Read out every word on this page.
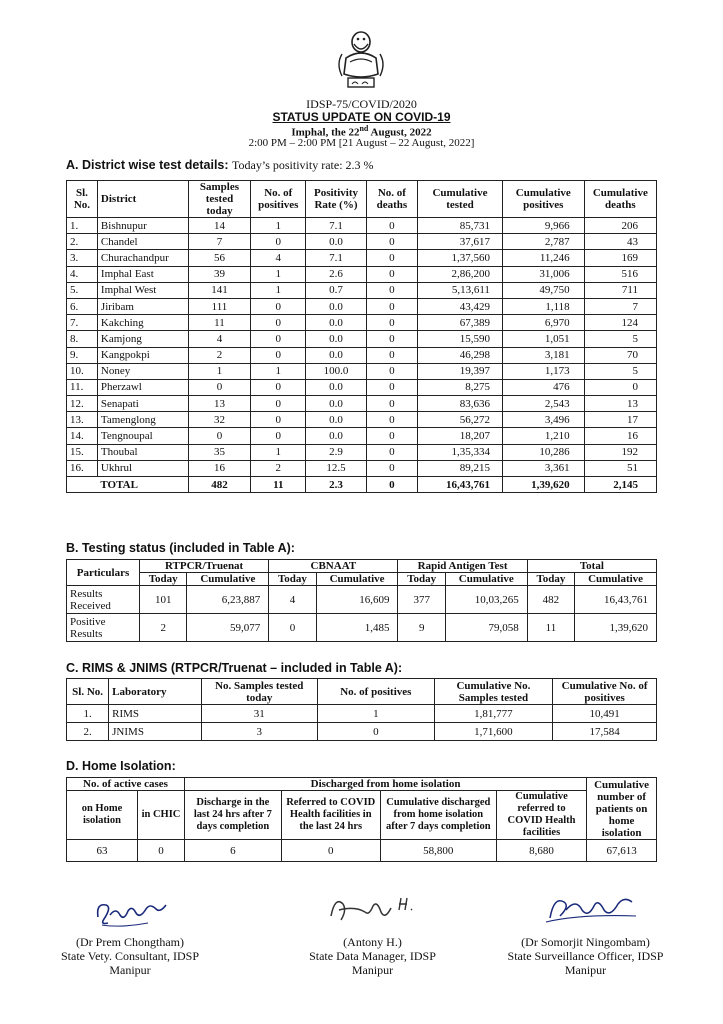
IDSP-75/COVID/2020
STATUS UPDATE ON COVID-19
Imphal, the 22nd August, 2022
2:00 PM – 2:00 PM [21 August – 22 August, 2022]
A. District wise test details: Today’s positivity rate: 2.3 %
Sl. No.	District	Samples tested today	No. of positives	Positivity Rate (%)	No. of deaths	Cumulative tested	Cumulative positives	Cumulative deaths
1.	Bishnupur	14	1	7.1	0	85,731	9,966	206
2.	Chandel	7	0	0.0	0	37,617	2,787	43
3.	Churachandpur	56	4	7.1	0	1,37,560	11,246	169
4.	Imphal East	39	1	2.6	0	2,86,200	31,006	516
5.	Imphal West	141	1	0.7	0	5,13,611	49,750	711
6.	Jiribam	111	0	0.0	0	43,429	1,118	7
7.	Kakching	11	0	0.0	0	67,389	6,970	124
8.	Kamjong	4	0	0.0	0	15,590	1,051	5
9.	Kangpokpi	2	0	0.0	0	46,298	3,181	70
10.	Noney	1	1	100.0	0	19,397	1,173	5
11.	Pherzawl	0	0	0.0	0	8,275	476	0
12.	Senapati	13	0	0.0	0	83,636	2,543	13
13.	Tamenglong	32	0	0.0	0	56,272	3,496	17
14.	Tengnoupal	0	0	0.0	0	18,207	1,210	16
15.	Thoubal	35	1	2.9	0	1,35,334	10,286	192
16.	Ukhrul	16	2	12.5	0	89,215	3,361	51
	TOTAL	482	11	2.3	0	16,43,761	1,39,620	2,145
B. Testing status (included in Table A):
Particulars	RTPCR/Truenat		CBNAAT		Rapid Antigen Test		Total	
	Today	Cumulative	Today	Cumulative	Today	Cumulative	Today	Cumulative
Results Received	101	6,23,887	4	16,609	377	10,03,265	482	16,43,761
Positive Results	2	59,077	0	1,485	9	79,058	11	1,39,620
C. RIMS & JNIMS (RTPCR/Truenat – included in Table A):
Sl. No.	Laboratory	No. Samples tested today	No. of positives	Cumulative No. Samples tested	Cumulative No. of positives
1.	RIMS	31	1	1,81,777	10,491
2.	JNIMS	3	0	1,71,600	17,584
D. Home Isolation:
No. of active cases		Discharged from home isolation				Cumulative number of patients on home isolation
on Home isolation	in CHIC	Discharge in the last 24 hrs after 7 days completion	Referred to COVID Health facilities in the last 24 hrs	Cumulative discharged from home isolation after 7 days completion	Cumulative referred to COVID Health facilities	
63	0	6	0	58,800	8,680	67,613
(Dr Prem Chongtham)
State Vety. Consultant, IDSP
Manipur
(Antony H.)
State Data Manager, IDSP
Manipur
(Dr Somorjit Ningombam)
State Surveillance Officer, IDSP
Manipur
